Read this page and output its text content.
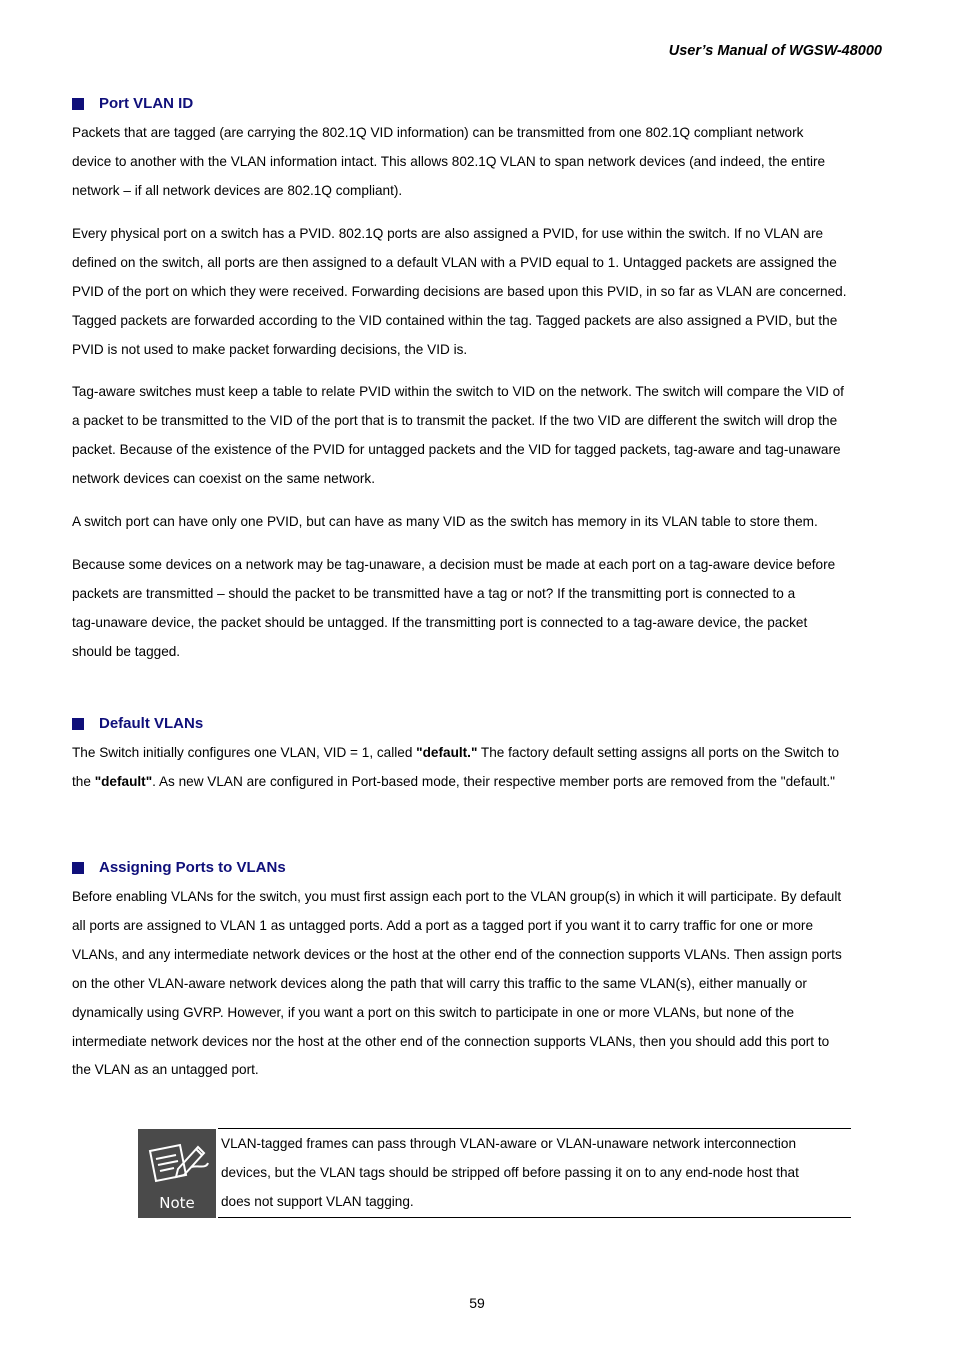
User’s Manual of WGSW-48000
Port VLAN ID

Packets that are tagged (are carrying the 802.1Q VID information) can be transmitted from one 802.1Q compliant network
device to another with the VLAN information intact. This allows 802.1Q VLAN to span network devices (and indeed, the entire
network – if all network devices are 802.1Q compliant).

Every physical port on a switch has a PVID. 802.1Q ports are also assigned a PVID, for use within the switch. If no VLAN are
defined on the switch, all ports are then assigned to a default VLAN with a PVID equal to 1. Untagged packets are assigned the
PVID of the port on which they were received. Forwarding decisions are based upon this PVID, in so far as VLAN are concerned.
Tagged packets are forwarded according to the VID contained within the tag. Tagged packets are also assigned a PVID, but the
PVID is not used to make packet forwarding decisions, the VID is.

Tag-aware switches must keep a table to relate PVID within the switch to VID on the network. The switch will compare the VID of
a packet to be transmitted to the VID of the port that is to transmit the packet. If the two VID are different the switch will drop the
packet. Because of the existence of the PVID for untagged packets and the VID for tagged packets, tag-aware and tag-unaware
network devices can coexist on the same network.

A switch port can have only one PVID, but can have as many VID as the switch has memory in its VLAN table to store them.

Because some devices on a network may be tag-unaware, a decision must be made at each port on a tag-aware device before
packets are transmitted – should the packet to be transmitted have a tag or not? If the transmitting port is connected to a
tag-unaware device, the packet should be untagged. If the transmitting port is connected to a tag-aware device, the packet
should be tagged.

Default VLANs

The Switch initially configures one VLAN, VID = 1, called "default." The factory default setting assigns all ports on the Switch to
the "default". As new VLAN are configured in Port-based mode, their respective member ports are removed from the "default."

Assigning Ports to VLANs

Before enabling VLANs for the switch, you must first assign each port to the VLAN group(s) in which it will participate. By default
all ports are assigned to VLAN 1 as untagged ports. Add a port as a tagged port if you want it to carry traffic for one or more
VLANs, and any intermediate network devices or the host at the other end of the connection supports VLANs. Then assign ports
on the other VLAN-aware network devices along the path that will carry this traffic to the same VLAN(s), either manually or
dynamically using GVRP. However, if you want a port on this switch to participate in one or more VLANs, but none of the
intermediate network devices nor the host at the other end of the connection supports VLANs, then you should add this port to
the VLAN as an untagged port.

Note

VLAN-tagged frames can pass through VLAN-aware or VLAN-unaware network interconnection
devices, but the VLAN tags should be stripped off before passing it on to any end-node host that
does not support VLAN tagging.

59
